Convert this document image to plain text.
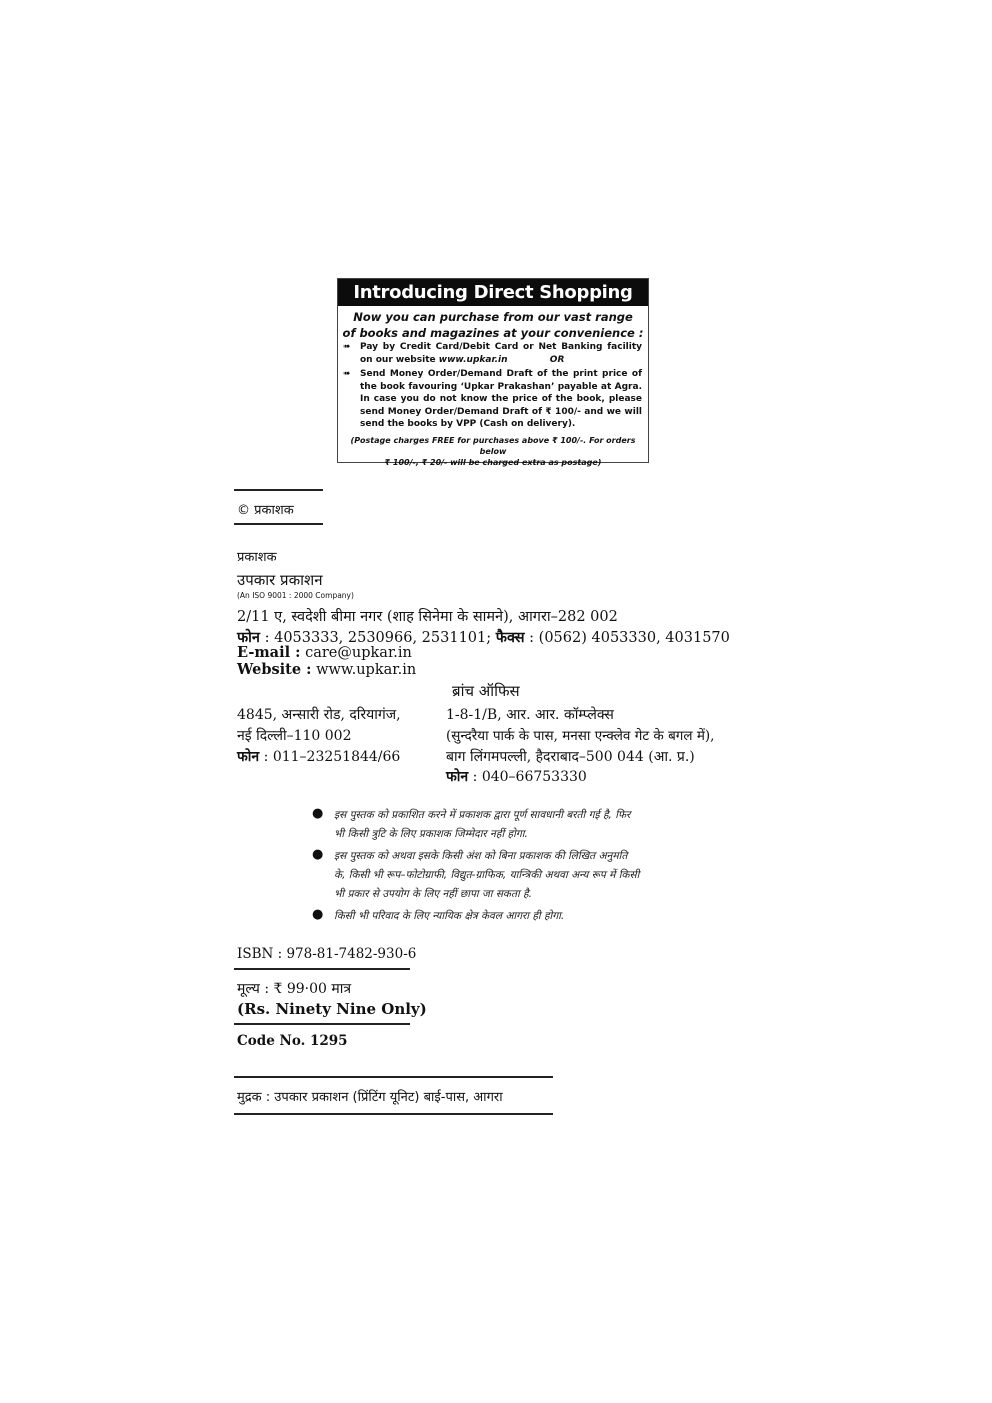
Introducing Direct Shopping
Now you can purchase from our vast range
of books and magazines at your convenience :
➠ Pay by Credit Card/Debit Card or Net Banking facility on our website www.upkar.in	OR
➠ Send Money Order/Demand Draft of the print price of the book favouring ‘Upkar Prakashan’ payable at Agra. In case you do not know the price of the book, please send Money Order/Demand Draft of ₹ 100/- and we will send the books by VPP (Cash on delivery).
(Postage charges FREE for purchases above ₹ 100/-. For orders below
₹ 100/-, ₹ 20/- will be charged extra as postage)
© प्रकाशक
प्रकाशक
उपकार प्रकाशन
(An ISO 9001 : 2000 Company)
2/11 ए, स्वदेशी बीमा नगर (शाह सिनेमा के सामने), आगरा–282 002
फोन : 4053333, 2530966, 2531101; फैक्स : (0562) 4053330, 4031570
E-mail : care@upkar.in
Website : www.upkar.in
ब्रांच ऑफिस
4845, अन्सारी रोड, दरियागंज,
नई दिल्ली–110 002
फोन : 011–23251844/66
1-8-1/B, आर. आर. कॉम्प्लेक्स
(सुन्दरैया पार्क के पास, मनसा एन्क्लेव गेट के बगल में),
बाग लिंगमपल्ली, हैदराबाद–500 044 (आ. प्र.)
फोन : 040–66753330
● इस पुस्तक को प्रकाशित करने में प्रकाशक द्वारा पूर्ण सावधानी बरती गई है, फिर
भी किसी त्रुटि के लिए प्रकाशक जिम्मेदार नहीं होगा.
● इस पुस्तक को अथवा इसके किसी अंश को बिना प्रकाशक की लिखित अनुमति
के, किसी भी रूप–फोटोग्राफी, विद्युत-ग्राफिक, यान्त्रिकी अथवा अन्य रूप में किसी
भी प्रकार से उपयोग के लिए नहीं छापा जा सकता है.
● किसी भी परिवाद के लिए न्यायिक क्षेत्र केवल आगरा ही होगा.
ISBN : 978-81-7482-930-6
मूल्य : ₹ 99·00 मात्र
(Rs. Ninety Nine Only)
Code No. 1295
मुद्रक : उपकार प्रकाशन (प्रिंटिंग यूनिट) बाई-पास, आगरा
